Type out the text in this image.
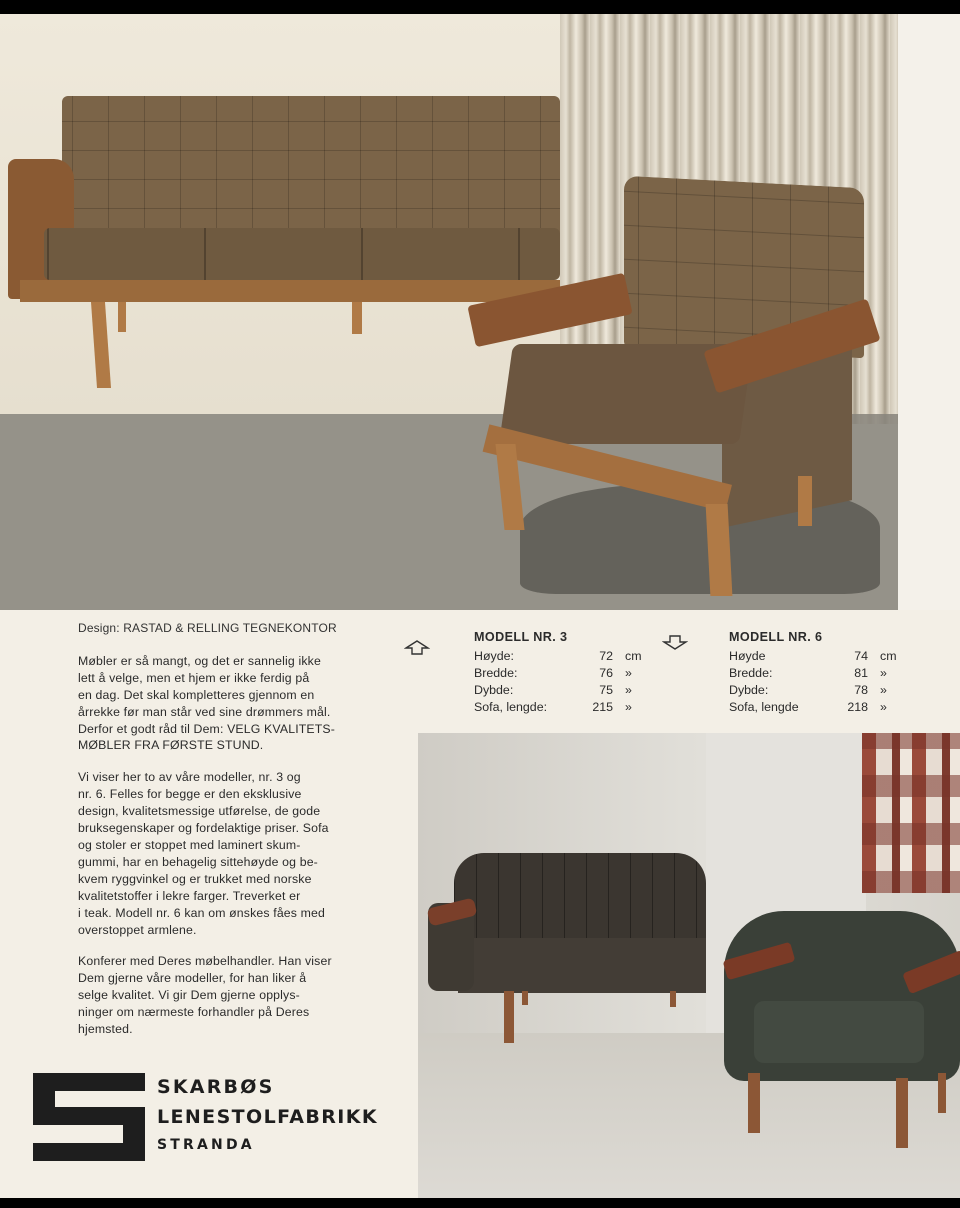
Design: RASTAD & RELLING TEGNEKONTOR

Møbler er så mangt, og det er sannelig ikke
lett å velge, men et hjem er ikke ferdig på
en dag. Det skal kompletteres gjennom en
årrekke før man står ved sine drømmers mål.
Derfor et godt råd til Dem: VELG KVALITETS-
MØBLER FRA FØRSTE STUND.

Vi viser her to av våre modeller, nr. 3 og
nr. 6. Felles for begge er den eksklusive
design, kvalitetsmessige utførelse, de gode
bruksegenskaper og fordelaktige priser. Sofa
og stoler er stoppet med laminert skum-
gummi, har en behagelig sittehøyde og be-
kvem ryggvinkel og er trukket med norske
kvalitetstoffer i lekre farger. Treverket er
i teak. Modell nr. 6 kan om ønskes fåes med
overstoppet armlene.

Konferer med Deres møbelhandler. Han viser
Dem gjerne våre modeller, for han liker å
selge kvalitet. Vi gir Dem gjerne opplys-
ninger om nærmeste forhandler på Deres
hjemsted.

MODELL NR. 3
Høyde:	72 cm
Bredde:	76 »
Dybde:	75 »
Sofa, lengde:	215 »
MODELL NR. 6
Høyde	74 cm
Bredde:	81 »
Dybde:	78 »
Sofa, lengde	218 »
SKARBØS
LENESTOLFABRIKK
STRANDA
